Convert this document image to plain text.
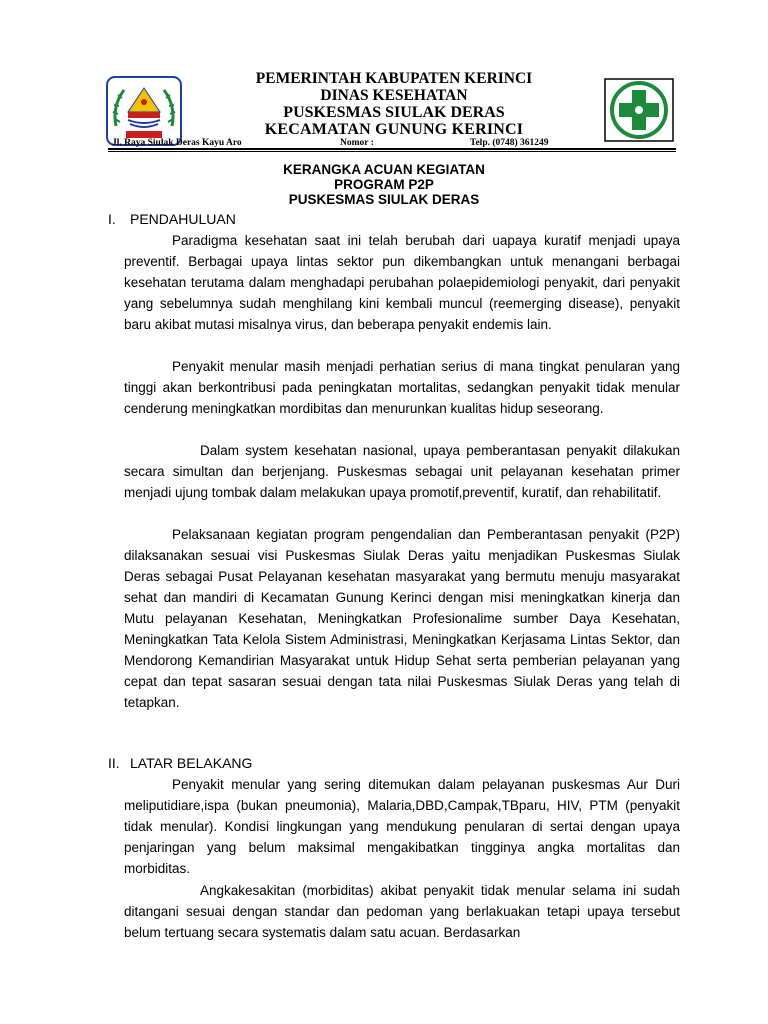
PEMERINTAH KABUPATEN KERINCI
DINAS KESEHATAN
PUSKESMAS SIULAK DERAS
KECAMATAN GUNUNG KERINCI
Jl. Raya Siulak Deras Kayu Aro	Nomor :	Telp. (0748) 361249
KERANGKA ACUAN KEGIATAN
PROGRAM P2P
PUSKESMAS SIULAK DERAS
I. PENDAHULUAN
Paradigma kesehatan saat ini telah berubah dari uapaya kuratif menjadi upaya preventif. Berbagai upaya lintas sektor pun dikembangkan untuk menangani berbagai kesehatan terutama dalam menghadapi perubahan polaepidemiologi penyakit, dari penyakit yang sebelumnya sudah menghilang kini kembali muncul (reemerging disease), penyakit baru akibat mutasi misalnya virus, dan beberapa penyakit endemis lain.
Penyakit menular masih menjadi perhatian serius di mana tingkat penularan yang tinggi akan berkontribusi pada peningkatan mortalitas, sedangkan penyakit tidak menular cenderung meningkatkan mordibitas dan menurunkan kualitas hidup seseorang.
Dalam system kesehatan nasional, upaya pemberantasan penyakit dilakukan secara simultan dan berjenjang. Puskesmas sebagai unit pelayanan kesehatan primer menjadi ujung tombak dalam melakukan upaya promotif,preventif, kuratif, dan rehabilitatif.
Pelaksanaan kegiatan program pengendalian dan Pemberantasan penyakit (P2P) dilaksanakan sesuai visi Puskesmas Siulak Deras yaitu menjadikan Puskesmas Siulak Deras sebagai Pusat Pelayanan kesehatan masyarakat yang bermutu menuju masyarakat sehat dan mandiri di Kecamatan Gunung Kerinci dengan misi meningkatkan kinerja dan Mutu pelayanan Kesehatan, Meningkatkan Profesionalime sumber Daya Kesehatan, Meningkatkan Tata Kelola Sistem Administrasi, Meningkatkan Kerjasama Lintas Sektor, dan Mendorong Kemandirian Masyarakat untuk Hidup Sehat serta pemberian pelayanan yang cepat dan tepat sasaran sesuai dengan tata nilai Puskesmas Siulak Deras yang telah di tetapkan.
II. LATAR BELAKANG
Penyakit menular yang sering ditemukan dalam pelayanan puskesmas Aur Duri meliputidiare,ispa (bukan pneumonia), Malaria,DBD,Campak,TBparu, HIV, PTM (penyakit tidak menular). Kondisi lingkungan yang mendukung penularan di sertai dengan upaya penjaringan yang belum maksimal mengakibatkan tingginya angka mortalitas dan morbiditas.
Angkakesakitan (morbiditas) akibat penyakit tidak menular selama ini sudah ditangani sesuai dengan standar dan pedoman yang berlakuakan tetapi upaya tersebut belum tertuang secara systematis dalam satu acuan. Berdasarkan
